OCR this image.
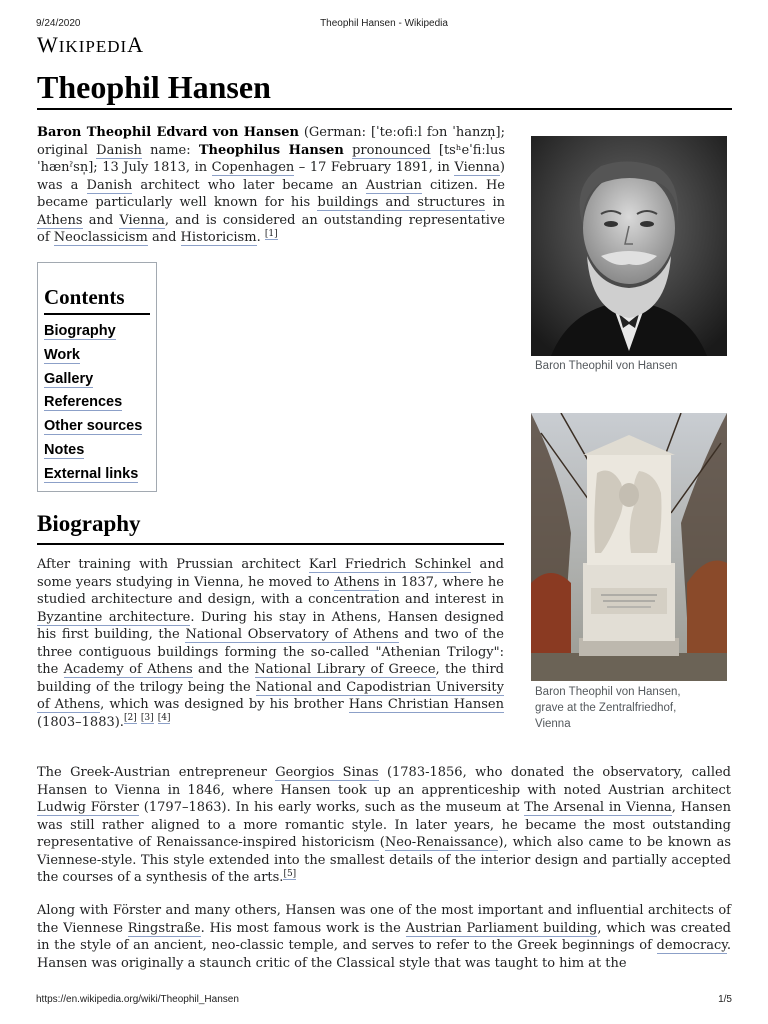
9/24/2020	Theophil Hansen - Wikipedia
WIKIPEDIA
Theophil Hansen

Baron Theophil Edvard von Hansen (German: [ˈteːofiːl fɔn ˈhanzn̩]; original Danish name: Theophilus Hansen pronounced [tsʰeˈfiːlus ˈhænˀsn̩]; 13 July 1813, in Copenhagen – 17 February 1891, in Vienna) was a Danish architect who later became an Austrian citizen. He became particularly well known for his buildings and structures in Athens and Vienna, and is considered an outstanding representative of Neoclassicism and Historicism. [1]

Contents
Biography
Work
Gallery
References
Other sources
Notes
External links
Biography

After training with Prussian architect Karl Friedrich Schinkel and some years studying in Vienna, he moved to Athens in 1837, where he studied architecture and design, with a concentration and interest in Byzantine architecture. During his stay in Athens, Hansen designed his first building, the National Observatory of Athens and two of the three contiguous buildings forming the so-called "Athenian Trilogy": the Academy of Athens and the National Library of Greece, the third building of the trilogy being the National and Capodistrian University of Athens, which was designed by his brother Hans Christian Hansen (1803–1883).[2] [3] [4]

The Greek-Austrian entrepreneur Georgios Sinas (1783-1856, who donated the observatory, called Hansen to Vienna in 1846, where Hansen took up an apprenticeship with noted Austrian architect Ludwig Förster (1797–1863). In his early works, such as the museum at The Arsenal in Vienna, Hansen was still rather aligned to a more romantic style. In later years, he became the most outstanding representative of Renaissance-inspired historicism (Neo-Renaissance), which also came to be known as Viennese-style. This style extended into the smallest details of the interior design and partially accepted the courses of a synthesis of the arts.[5]

Along with Förster and many others, Hansen was one of the most important and influential architects of the Viennese Ringstraße. His most famous work is the Austrian Parliament building, which was created in the style of an ancient, neo-classic temple, and serves to refer to the Greek beginnings of democracy. Hansen was originally a staunch critic of the Classical style that was taught to him at the

Baron Theophil von Hansen
Baron Theophil von Hansen,
grave at the Zentralfriedhof,
Vienna
https://en.wikipedia.org/wiki/Theophil_Hansen	1/5
